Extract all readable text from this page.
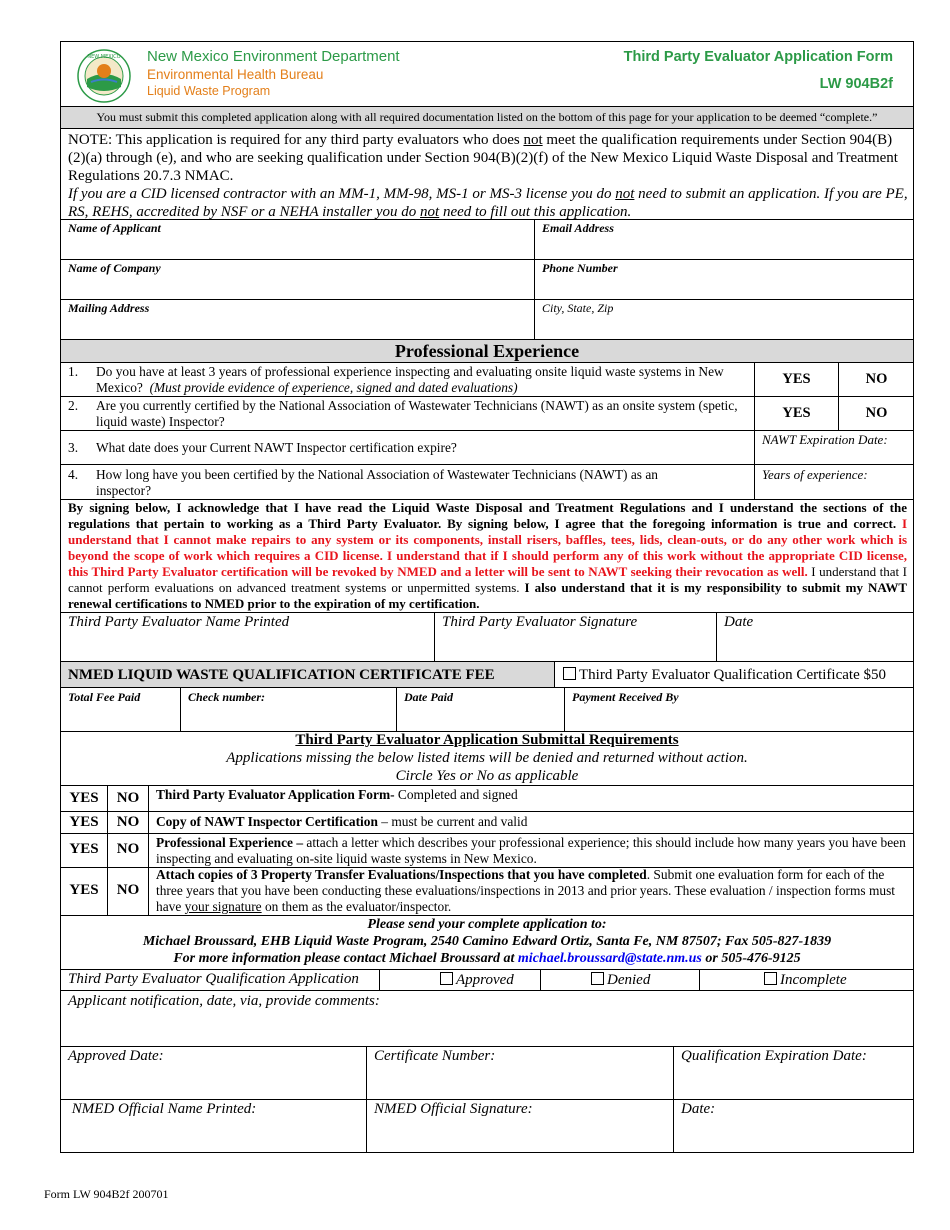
NEW MEXICO New Mexico Environment Department
Environmental Health Bureau
Liquid Waste Program
Third Party Evaluator Application Form
LW 904B2f
You must submit this completed application along with all required documentation listed on the bottom of this page for your application to be deemed “complete.”
NOTE: This application is required for any third party evaluators who does not meet the qualification requirements under Section 904(B)(2)(a) through (e), and who are seeking qualification under Section 904(B)(2)(f) of the New Mexico Liquid Waste Disposal and Treatment Regulations 20.7.3 NMAC.
If you are a CID licensed contractor with an MM-1, MM-98, MS-1 or MS-3 license you do not need to submit an application. If you are PE, RS, REHS, accredited by NSF or a NEHA installer you do not need to fill out this application.
Name of Applicant	Email Address
Name of Company	Phone Number
Mailing Address	City, State, Zip
Professional Experience
1. Do you have at least 3 years of professional experience inspecting and evaluating onsite liquid waste systems in New Mexico? (Must provide evidence of experience, signed and dated evaluations)
YES	NO
2. Are you currently certified by the National Association of Wastewater Technicians (NAWT) as an onsite system (spetic, liquid waste) Inspector?
YES	NO
3. What date does your Current NAWT Inspector certification expire?
NAWT Expiration Date:
4. How long have you been certified by the National Association of Wastewater Technicians (NAWT) as an inspector?
Years of experience:
By signing below, I acknowledge that I have read the Liquid Waste Disposal and Treatment Regulations and I understand the sections of the regulations that pertain to working as a Third Party Evaluator. By signing below, I agree that the foregoing information is true and correct. I understand that I cannot make repairs to any system or its components, install risers, baffles, tees, lids, clean-outs, or do any other work which is beyond the scope of work which requires a CID license. I understand that if I should perform any of this work without the appropriate CID license, this Third Party Evaluator certification will be revoked by NMED and a letter will be sent to NAWT seeking their revocation as well. I understand that I cannot perform evaluations on advanced treatment systems or unpermitted systems. I also understand that it is my responsibility to submit my NAWT renewal certifications to NMED prior to the expiration of my certification.
Third Party Evaluator Name Printed	Third Party Evaluator Signature	Date
NMED LIQUID WASTE QUALIFICATION CERTIFICATE FEE	Third Party Evaluator Qualification Certificate $50
Total Fee Paid	Check number:	Date Paid	Payment Received By
Third Party Evaluator Application Submittal Requirements
Applications missing the below listed items will be denied and returned without action.
Circle Yes or No as applicable
YES	NO	Third Party Evaluator Application Form- Completed and signed
YES	NO	Copy of NAWT Inspector Certification – must be current and valid
YES	NO	Professional Experience – attach a letter which describes your professional experience; this should include how many years you have been inspecting and evaluating on-site liquid waste systems in New Mexico.
YES	NO
Attach copies of 3 Property Transfer Evaluations/Inspections that you have completed. Submit one evaluation form for each of the three years that you have been conducting these evaluations/inspections in 2013 and prior years. These evaluation / inspection forms must have your signature on them as the evaluator/inspector.
Please send your complete application to:
Michael Broussard, EHB Liquid Waste Program, 2540 Camino Edward Ortiz, Santa Fe, NM 87507; Fax 505-827-1839
For more information please contact Michael Broussard at michael.broussard@state.nm.us or 505-476-9125
Third Party Evaluator Qualification Application	Approved	Denied	Incomplete
Applicant notification, date, via, provide comments:
Approved Date:	Certificate Number:	Qualification Expiration Date:
NMED Official Name Printed:	NMED Official Signature:	Date:
Form LW 904B2f 200701
